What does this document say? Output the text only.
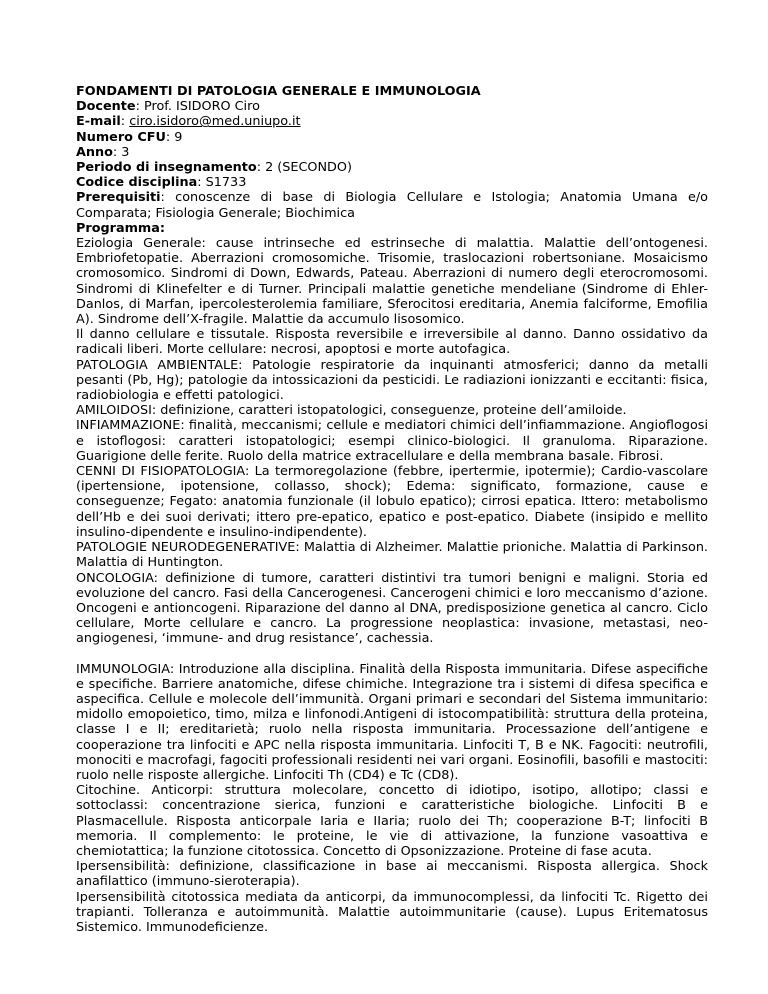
FONDAMENTI DI PATOLOGIA GENERALE E IMMUNOLOGIA

Docente: Prof. ISIDORO Ciro

E-mail: ciro.isidoro@med.uniupo.it

Numero CFU: 9

Anno: 3

Periodo di insegnamento: 2 (SECONDO)

Codice disciplina: S1733

Prerequisiti: conoscenze di base di Biologia Cellulare e Istologia; Anatomia Umana e/o Comparata; Fisiologia Generale; Biochimica

Programma:

Eziologia Generale: cause intrinseche ed estrinseche di malattia. Malattie dell’ontogenesi. Embriofetopatie. Aberrazioni cromosomiche. Trisomie, traslocazioni robertsoniane. Mosaicismo cromosomico. Sindromi di Down, Edwards, Pateau. Aberrazioni di numero degli eterocromosomi. Sindromi di Klinefelter e di Turner. Principali malattie genetiche mendeliane (Sindrome di Ehler-Danlos, di Marfan, ipercolesterolemia familiare, Sferocitosi ereditaria, Anemia falciforme, Emofilia A). Sindrome dell’X-fragile. Malattie da accumulo lisosomico.

Il danno cellulare e tissutale. Risposta reversibile e irreversibile al danno. Danno ossidativo da radicali liberi. Morte cellulare: necrosi, apoptosi e morte autofagica.

PATOLOGIA AMBIENTALE: Patologie respiratorie da inquinanti atmosferici; danno da metalli pesanti (Pb, Hg); patologie da intossicazioni da pesticidi. Le radiazioni ionizzanti e eccitanti: fisica, radiobiologia e effetti patologici.

AMILOIDOSI: definizione, caratteri istopatologici, conseguenze, proteine dell’amiloide.

INFIAMMAZIONE: finalità, meccanismi; cellule e mediatori chimici dell’infiammazione. Angioflogosi e istoflogosi: caratteri istopatologici; esempi clinico-biologici. Il granuloma. Riparazione. Guarigione delle ferite. Ruolo della matrice extracellulare e della membrana basale. Fibrosi.

CENNI DI FISIOPATOLOGIA: La termoregolazione (febbre, ipertermie, ipotermie); Cardio-vascolare (ipertensione, ipotensione, collasso, shock); Edema: significato, formazione, cause e conseguenze; Fegato: anatomia funzionale (il lobulo epatico); cirrosi epatica. Ittero: metabolismo dell’Hb e dei suoi derivati; ittero pre-epatico, epatico e post-epatico. Diabete (insipido e mellito insulino-dipendente e insulino-indipendente).

PATOLOGIE NEURODEGENERATIVE: Malattia di Alzheimer. Malattie prioniche. Malattia di Parkinson. Malattia di Huntington.

ONCOLOGIA: definizione di tumore, caratteri distintivi tra tumori benigni e maligni. Storia ed evoluzione del cancro. Fasi della Cancerogenesi. Cancerogeni chimici e loro meccanismo d’azione. Oncogeni e antioncogeni. Riparazione del danno al DNA, predisposizione genetica al cancro. Ciclo cellulare, Morte cellulare e cancro. La progressione neoplastica: invasione, metastasi, neo-angiogenesi, ‘immune- and drug resistance’, cachessia.

IMMUNOLOGIA: Introduzione alla disciplina. Finalità della Risposta immunitaria. Difese aspecifiche e specifiche. Barriere anatomiche, difese chimiche. Integrazione tra i sistemi di difesa specifica e aspecifica. Cellule e molecole dell’immunità. Organi primari e secondari del Sistema immunitario: midollo emopoietico, timo, milza e linfonodi.Antigeni di istocompatibilità: struttura della proteina, classe I e II; ereditarietà; ruolo nella risposta immunitaria. Processazione dell’antigene e cooperazione tra linfociti e APC nella risposta immunitaria. Linfociti T, B e NK. Fagociti: neutrofili, monociti e macrofagi, fagociti professionali residenti nei vari organi. Eosinofili, basofili e mastociti: ruolo nelle risposte allergiche. Linfociti Th (CD4) e Tc (CD8).

Citochine. Anticorpi: struttura molecolare, concetto di idiotipo, isotipo, allotipo; classi e sottoclassi: concentrazione sierica, funzioni e caratteristiche biologiche. Linfociti B e Plasmacellule. Risposta anticorpale Iaria e IIaria; ruolo dei Th; cooperazione B-T; linfociti B memoria. Il complemento: le proteine, le vie di attivazione, la funzione vasoattiva e chemiotattica; la funzione citotossica. Concetto di Opsonizzazione. Proteine di fase acuta.

Ipersensibilità: definizione, classificazione in base ai meccanismi. Risposta allergica. Shock anafilattico (immuno-sieroterapia).

Ipersensibilità citotossica mediata da anticorpi, da immunocomplessi, da linfociti Tc. Rigetto dei trapianti. Tolleranza e autoimmunità. Malattie autoimmunitarie (cause). Lupus Eritematosus Sistemico. Immunodeficienze.
